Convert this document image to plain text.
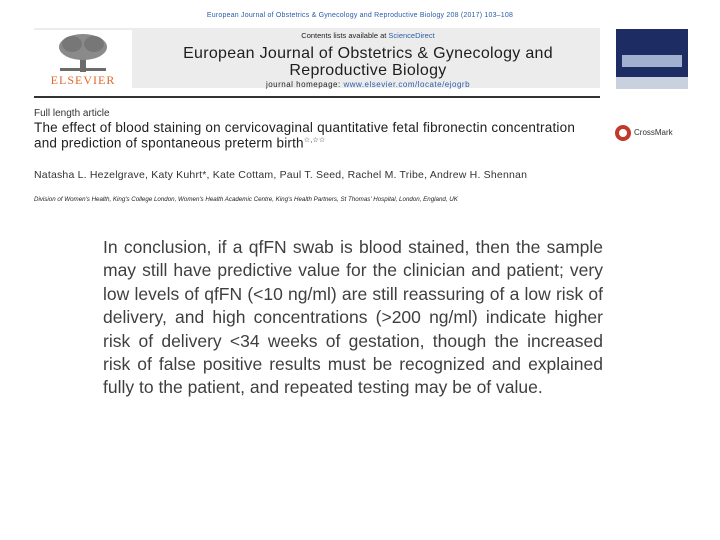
European Journal of Obstetrics & Gynecology and Reproductive Biology 208 (2017) 103–108
ELSEVIER
Contents lists available at ScienceDirect
European Journal of Obstetrics & Gynecology and Reproductive Biology
journal homepage: www.elsevier.com/locate/ejogrb
Full length article
The effect of blood staining on cervicovaginal quantitative fetal fibronectin concentration and prediction of spontaneous preterm birth☆,☆☆
CrossMark
Natasha L. Hezelgrave, Katy Kuhrt*, Kate Cottam, Paul T. Seed, Rachel M. Tribe, Andrew H. Shennan
Division of Women's Health, King's College London, Women's Health Academic Centre, King's Health Partners, St Thomas' Hospital, London, England, UK
In conclusion, if a qfFN swab is blood stained, then the sample may still have predictive value for the clinician and patient; very low levels of qfFN (<10 ng/ml) are still reassuring of a low risk of delivery, and high concentrations (>200 ng/ml) indicate higher risk of delivery <34 weeks of gestation, though the increased risk of false positive results must be recognized and explained fully to the patient, and repeated testing may be of value.
